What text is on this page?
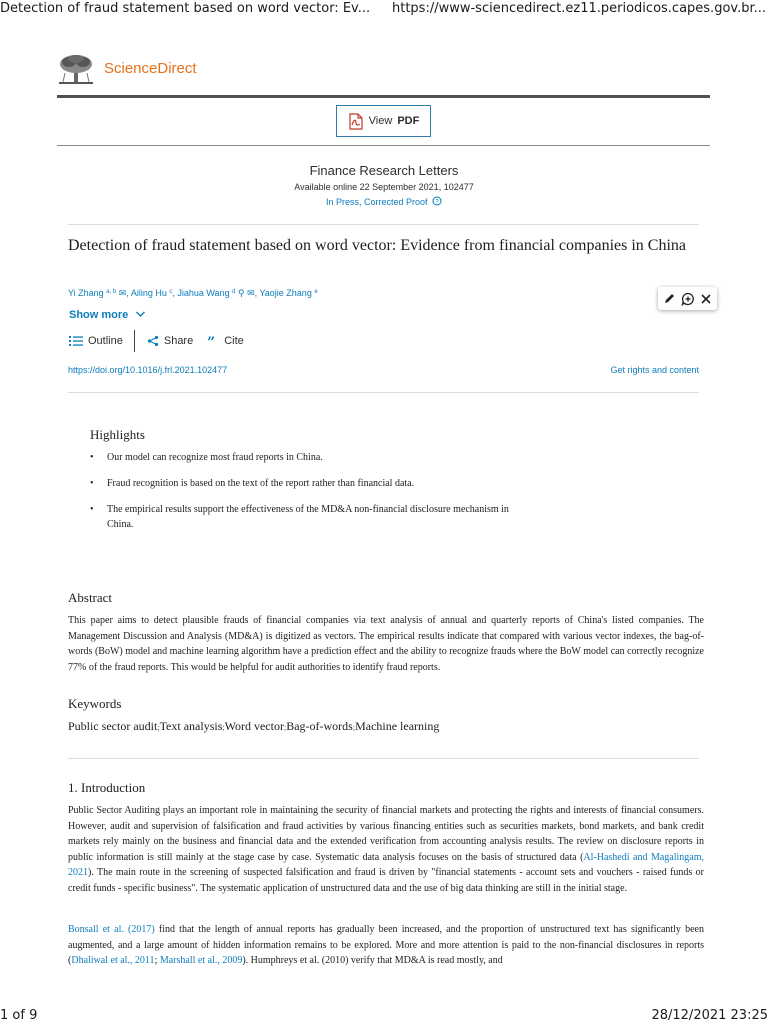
Detection of fraud statement based on word vector: Ev... https://www-sciencedirect.ez11.periodicos.capes.gov.br...
ScienceDirect
View PDF
Finance Research Letters
Available online 22 September 2021, 102477
In Press, Corrected Proof ?
Detection of fraud statement based on word vector: Evidence from financial companies in China
Yi Zhang $^{a, b}$ ✉, Ailing Hu $^c$, Jiahua Wang $^d$ ⚲ ✉, Yaojie Zhang $^e$
Show more
Outline	Share ” Cite
https://doi.org/10.1016/j.frl.2021.102477	Get rights and content
Highlights
• Our model can recognize most fraud reports in China.
• Fraud recognition is based on the text of the report rather than financial data.
• The empirical results support the effectiveness of the MD&A non-financial disclosure mechanism in China.
Abstract
This paper aims to detect plausible frauds of financial companies via text analysis of annual and quarterly reports of China's listed companies. The Management Discussion and Analysis (MD&A) is digitized as vectors. The empirical results indicate that compared with various vector indexes, the bag-of-words (BoW) model and machine learning algorithm have a prediction effect and the ability to recognize frauds where the BoW model can correctly recognize 77% of the fraud reports. This would be helpful for audit authorities to identify fraud reports.
Keywords
Public sector audit;Text analysis;Word vector;Bag-of-words;Machine learning
1. Introduction
Public Sector Auditing plays an important role in maintaining the security of financial markets and protecting the rights and interests of financial consumers. However, audit and supervision of falsification and fraud activities by various financing entities such as securities markets, bond markets, and bank credit markets rely mainly on the business and financial data and the extended verification from accounting analysis results. The review on disclosure reports in public information is still mainly at the stage case by case. Systematic data analysis focuses on the basis of structured data (Al-Hashedi and Magalingam, 2021). The main route in the screening of suspected falsification and fraud is driven by "financial statements - account sets and vouchers - raised funds or credit funds - specific business". The systematic application of unstructured data and the use of big data thinking are still in the initial stage.
Bonsall et al. (2017) find that the length of annual reports has gradually been increased, and the proportion of unstructured text has significantly been augmented, and a large amount of hidden information remains to be explored. More and more attention is paid to the non-financial disclosures in reports (Dhaliwal et al., 2011; Marshall et al., 2009). Humphreys et al. (2010) verify that MD&A is read mostly, and
1 of 9	28/12/2021 23:25
